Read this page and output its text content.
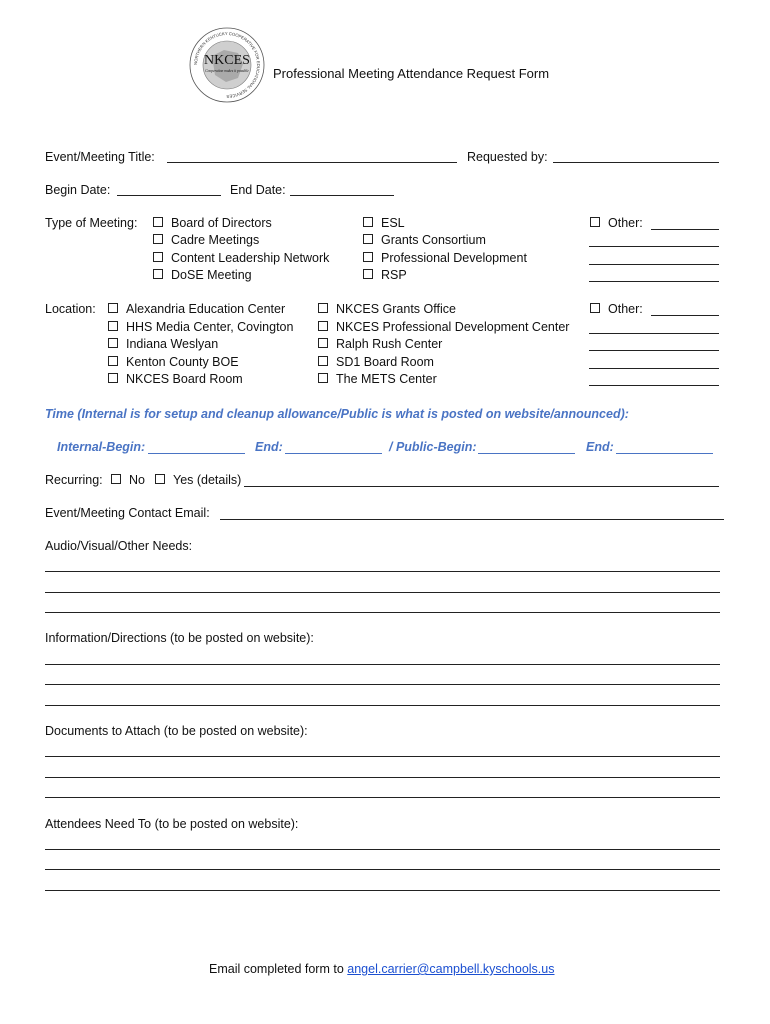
NORTHERN KENTUCKY COOPERATIVE FOR EDUCATIONAL SERVICES
NKCES
Cooperation makes it possible Professional Meeting Attendance Request Form
Event/Meeting Title:	Requested by:
Begin Date:	End Date:
Type of Meeting:	Board of Directors
Cadre Meetings
Content Leadership Network
DoSE Meeting
ESL
Grants Consortium
Professional Development
RSP
Other:
Location:	Alexandria Education Center
HHS Media Center, Covington
Indiana Weslyan
Kenton County BOE
NKCES Board Room
NKCES Grants Office
NKCES Professional Development Center
Ralph Rush Center
SD1 Board Room
The METS Center
Other:
Time (Internal is for setup and cleanup allowance/Public is what is posted on website/announced):
Internal-Begin:	End:	/ Public-Begin:	End:
Recurring:	No	Yes (details)
Event/Meeting Contact Email:
Audio/Visual/Other Needs:
Information/Directions (to be posted on website):
Documents to Attach (to be posted on website):
Attendees Need To (to be posted on website):
Email completed form to angel.carrier@campbell.kyschools.us
